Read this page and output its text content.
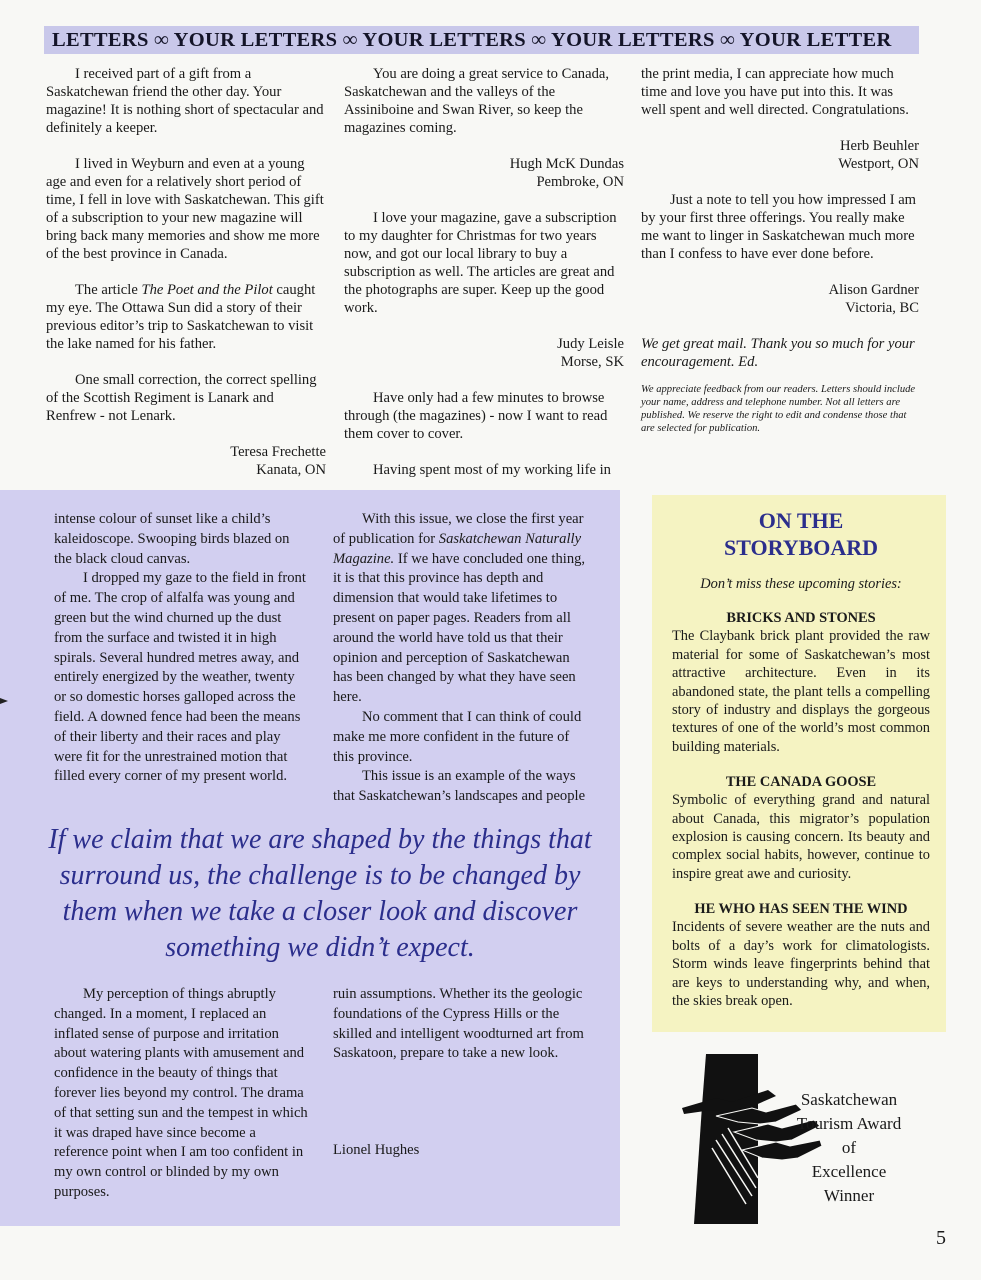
LETTERS ∞ YOUR LETTERS ∞ YOUR LETTERS ∞ YOUR LETTERS ∞ YOUR LETTER

I received part of a gift from a Saskatchewan friend the other day. Your magazine! It is nothing short of spectacular and definitely a keeper.

I lived in Weyburn and even at a young age and even for a relatively short period of time, I fell in love with Saskatchewan. This gift of a subscription to your new magazine will bring back many memories and show me more of the best province in Canada.

The article The Poet and the Pilot caught my eye. The Ottawa Sun did a story of their previous editor’s trip to Saskatchewan to visit the lake named for his father.

One small correction, the correct spelling of the Scottish Regiment is Lanark and Renfrew - not Lenark.

Teresa Frechette

Kanata, ON

You are doing a great service to Canada, Saskatchewan and the valleys of the Assiniboine and Swan River, so keep the magazines coming.

Hugh McK Dundas

Pembroke, ON

I love your magazine, gave a subscription to my daughter for Christmas for two years now, and got our local library to buy a subscription as well. The articles are great and the photographs are super. Keep up the good work.

Judy Leisle

Morse, SK

Have only had a few minutes to browse through (the magazines) - now I want to read them cover to cover.

Having spent most of my working life in

the print media, I can appreciate how much time and love you have put into this. It was well spent and well directed. Congratulations.

Herb Beuhler

Westport, ON

Just a note to tell you how impressed I am by your first three offerings. You really make me want to linger in Saskatchewan much more than I confess to have ever done before.

Alison Gardner

Victoria, BC

We get great mail. Thank you so much for your encouragement. Ed.

We appreciate feedback from our readers. Letters should include your name, address and telephone number. Not all letters are published. We reserve the right to edit and condense those that are selected for publication.

intense colour of sunset like a child’s kaleidoscope. Swooping birds blazed on the black cloud canvas.

I dropped my gaze to the field in front of me. The crop of alfalfa was young and green but the wind churned up the dust from the surface and twisted it in high spirals. Several hundred metres away, and entirely energized by the weather, twenty or so domestic horses galloped across the field. A downed fence had been the means of their liberty and their races and play were fit for the unrestrained motion that filled every corner of my present world.

With this issue, we close the first year of publication for Saskatchewan Naturally Magazine. If we have concluded one thing, it is that this province has depth and dimension that would take lifetimes to present on paper pages. Readers from all around the world have told us that their opinion and perception of Saskatchewan has been changed by what they have seen here.

No comment that I can think of could make me more confident in the future of this province.

This issue is an example of the ways that Saskatchewan’s landscapes and people

If we claim that we are shaped by the things that surround us, the challenge is to be changed by them when we take a closer look and discover something we didn’t expect.

My perception of things abruptly changed. In a moment, I replaced an inflated sense of purpose and irritation about watering plants with amusement and confidence in the beauty of things that forever lies beyond my control. The drama of that setting sun and the tempest in which it was draped have since become a reference point when I am too confident in my own control or blinded by my own purposes.

ruin assumptions. Whether its the geologic foundations of the Cypress Hills or the skilled and intelligent woodturned art from Saskatoon, prepare to take a new look.

Lionel Hughes

ON THE
STORYBOARD
Don’t miss these upcoming stories:
BRICKS AND STONES

The Claybank brick plant provided the raw material for some of Saskatchewan’s most attractive architecture. Even in its abandoned state, the plant tells a compelling story of industry and displays the gorgeous textures of one of the world’s most common building materials.

THE CANADA GOOSE

Symbolic of everything grand and natural about Canada, this migrator’s population explosion is causing concern. Its beauty and complex social habits, however, continue to inspire great awe and curiosity.

HE WHO HAS SEEN THE WIND

Incidents of severe weather are the nuts and bolts of a day’s work for climatologists. Storm winds leave fingerprints behind that are keys to understanding why, and when, the skies break open.

Saskatchewan
Tourism Award
of
Excellence
Winner
5
